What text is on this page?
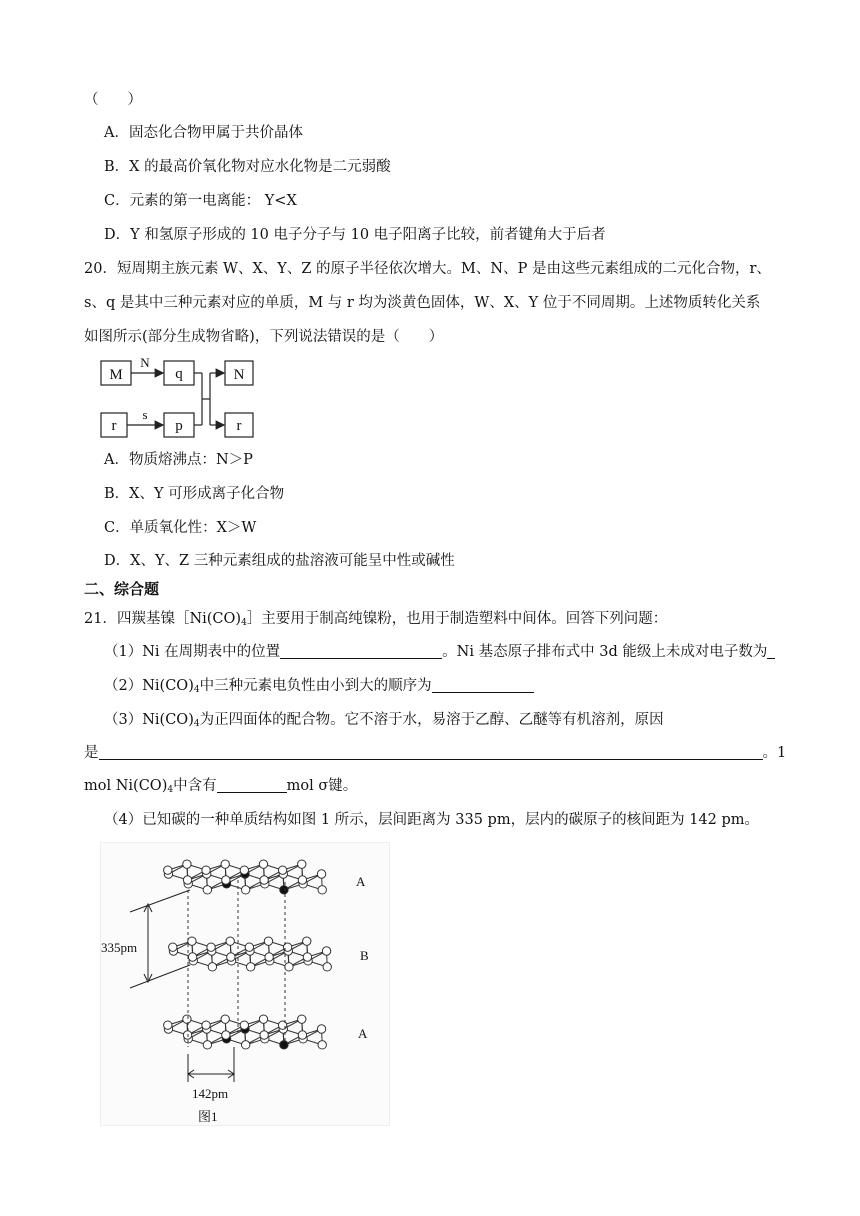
（　　）
A．固态化合物甲属于共价晶体
B．X 的最高价氧化物对应水化物是二元弱酸
C．元素的第一电离能： Y<X
D．Y 和氢原子形成的 10 电子分子与 10 电子阳离子比较，前者键角大于后者
20．短周期主族元素 W、X、Y、Z 的原子半径依次增大。M、N、P 是由这些元素组成的二元化合物，r、
s、q 是其中三种元素对应的单质，M 与 r 均为淡黄色固体，W、X、Y 位于不同周期。上述物质转化关系
如图所示(部分生成物省略)，下列说法错误的是（　　）
M	q	N
r	p	r
N
s
A．物质熔沸点：N＞P
B．X、Y 可形成离子化合物
C．单质氧化性：X＞W
D．X、Y、Z 三种元素组成的盐溶液可能呈中性或碱性
二、综合题
21．四羰基镍$[Ni(CO)_4]$主要用于制高纯镍粉，也用于制造塑料中间体。回答下列问题：
（1）Ni 在周期表中的位置	。Ni 基态原子排布式中 3d 能级上未成对电子数为
$(2)Ni(CO)_4$中三种元素电负性由小到大的顺序为
$(3)Ni(CO)_4$为正四面体的配合物。它不溶于水，易溶于乙醇、乙醚等有机溶剂，原因
是	。1
mol $Ni(CO)_4$中含有	mol σ键。
（4）已知碳的一种单质结构如图 1 所示，层间距离为 335 pm，层内的碳原子的核间距为 142 pm。
A
B
A
335pm
142pm
图1
